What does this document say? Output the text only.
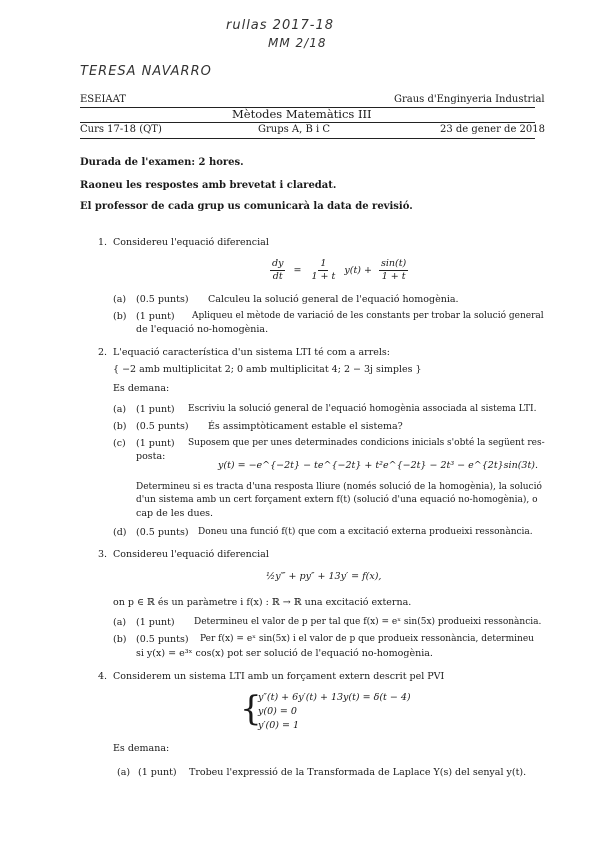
rullas 2017-18
MM 2/18
TERESA NAVARRO
ESEIAAT	Graus d'Enginyeria Industrial
Mètodes Matemàtics III
Curs 17-18 (QT)	Grups A, B i C	23 de gener de 2018
Durada de l'examen: 2 hores.
Raoneu les respostes amb brevetat i claredat.
El professor de cada grup us comunicarà la data de revisió.
1. Considereu l'equació diferencial
$\frac{dy}{dt} = \frac{1}{1 + t} y(t) + \frac{\sin(t)}{1 + t}$
(a) (0.5 punts) Calculeu la solució general de l'equació homogènia.
(b) (1 punt) Apliqueu el mètode de variació de les constants per trobar la solució general
de l'equació no-homogènia.
2. L'equació característica d'un sistema LTI té com a arrels:
{ −2 amb multiplicitat 2; 0 amb multiplicitat 4; 2 − 3j simples }
Es demana:
(a) (1 punt) Escriviu la solució general de l'equació homogènia associada al sistema LTI.
(b) (0.5 punts) És assimptòticament estable el sistema?
(c) (1 punt) Suposem que per unes determinades condicions inicials s'obté la següent res-
posta:
y(t) = −e^{−2t} − te^{−2t} + t²e^{−2t} − 2t³ − e^{2t}sin(3t).
Determineu si es tracta d'una resposta lliure (només solució de la homogènia), la solució
d'un sistema amb un cert forçament extern f(t) (solució d'una equació no-homogènia), o
cap de les dues.
(d) (0.5 punts) Doneu una funció f(t) que com a excitació externa produeixi ressonància.
3. Considereu l'equació diferencial
½y‴ + py″ + 13y′ = f(x),
on p ∈ ℝ és un paràmetre i f(x) : ℝ → ℝ una excitació externa.
(a) (1 punt) Determineu el valor de p per tal que f(x) = eˣ sin(5x) produeixi ressonància.
(b) (0.5 punts) Per f(x) = eˣ sin(5x) i el valor de p que produeix ressonància, determineu
si y(x) = e³ˣ cos(x) pot ser solució de l'equació no-homogènia.
4. Considerem un sistema LTI amb un forçament extern descrit pel PVI
{
y″(t) + 6y′(t) + 13y(t) = δ(t − 4)
y(0) = 0
y′(0) = 1
Es demana:
(a) (1 punt) Trobeu l'expressió de la Transformada de Laplace Y(s) del senyal y(t).
